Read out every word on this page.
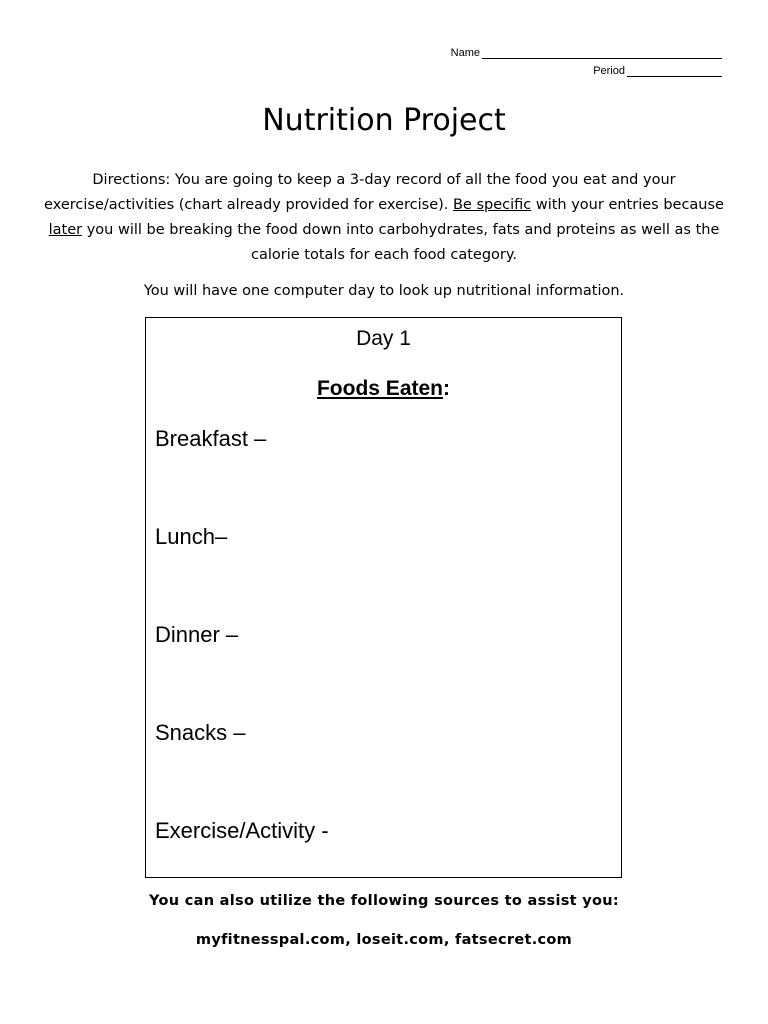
Name
Period
Nutrition Project

Directions: You are going to keep a 3-day record of all the food you eat and your exercise/activities (chart already provided for exercise). Be specific with your entries because later you will be breaking the food down into carbohydrates, fats and proteins as well as the calorie totals for each food category.

You will have one computer day to look up nutritional information.

Day 1
Foods Eaten:
Breakfast –
Lunch–
Dinner –
Snacks –
Exercise/Activity -

You can also utilize the following sources to assist you:

myfitnesspal.com, loseit.com, fatsecret.com
